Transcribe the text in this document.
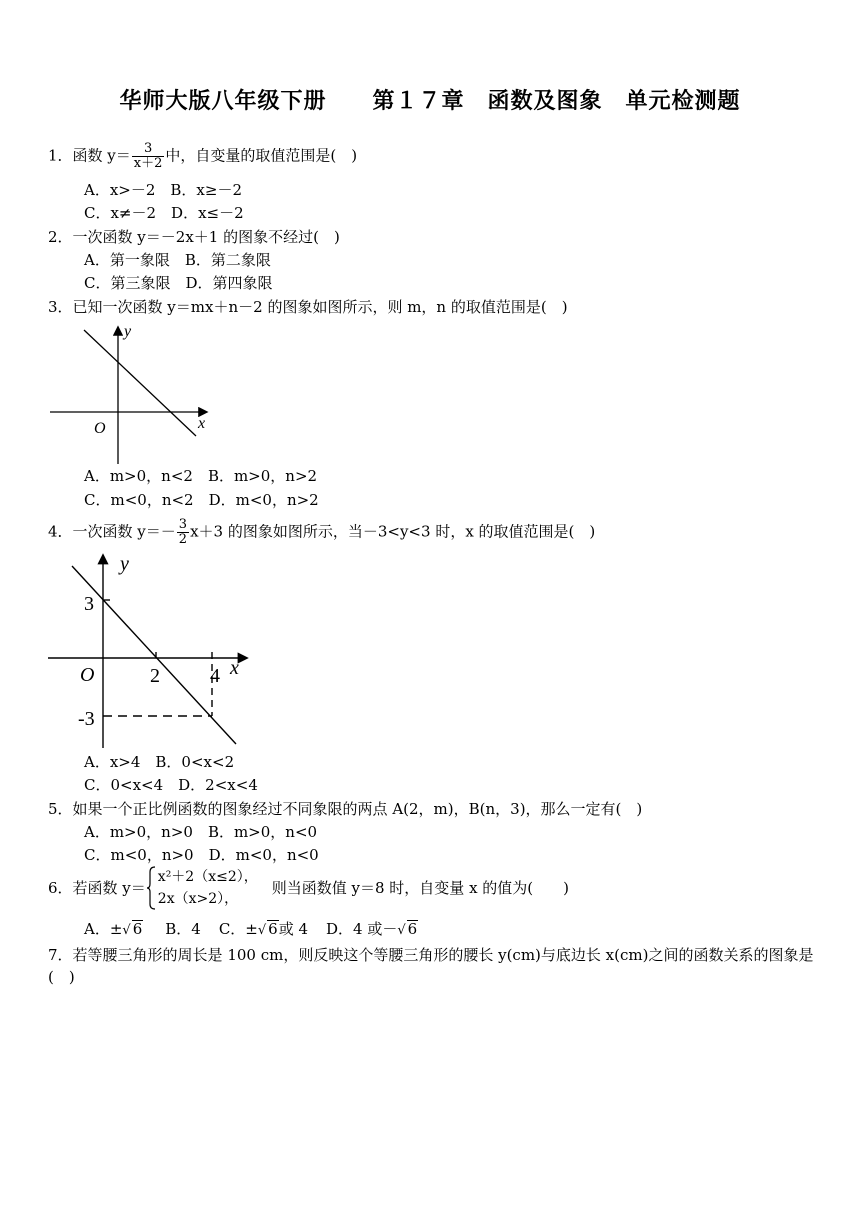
华师大版八年级下册　　第１７章　函数及图象　单元检测题
1．函数 $y= \frac{3}{x+2}$ 中，自变量的取值范围是(　)
A．x>－2　B．x≥－2
C．x≠－2　D．x≤－2
2．一次函数 y＝－2x＋1 的图象不经过(　)
A．第一象限　B．第二象限
C．第三象限　D．第四象限
3．已知一次函数 y＝mx＋n－2 的图象如图所示，则 m，n 的取值范围是(　)
y
x
O
A．m>0，n<2　B．m>0，n>2
C．m<0，n<2　D．m<0，n>2
4．一次函数 $y=- \frac{3}{2} x+3$ 的图象如图所示，当－3<y<3 时，x 的取值范围是(　)
y
x
O
3
2	4
-3
A．x>4　B．0<x<2
C．0<x<4　D．2<x<4
5．如果一个正比例函数的图象经过不同象限的两点 A(2，m)，B(n，3)，那么一定有(　)
A．m>0，n>0　B．m>0，n<0
C．m<0，n>0　D．m<0，n<0
6．若函数 y＝
x²＋2（x≤2），
2x（x>2），
则当函数值 y＝8 时，自变量 x 的值为(　　)
A．±√ 6 B．4 C．±√ 6或 4 D．4 或－√ 6
7．若等腰三角形的周长是 100 cm，则反映这个等腰三角形的腰长 y(cm)与底边长 x(cm)之间的函数关系的图象是(　)
